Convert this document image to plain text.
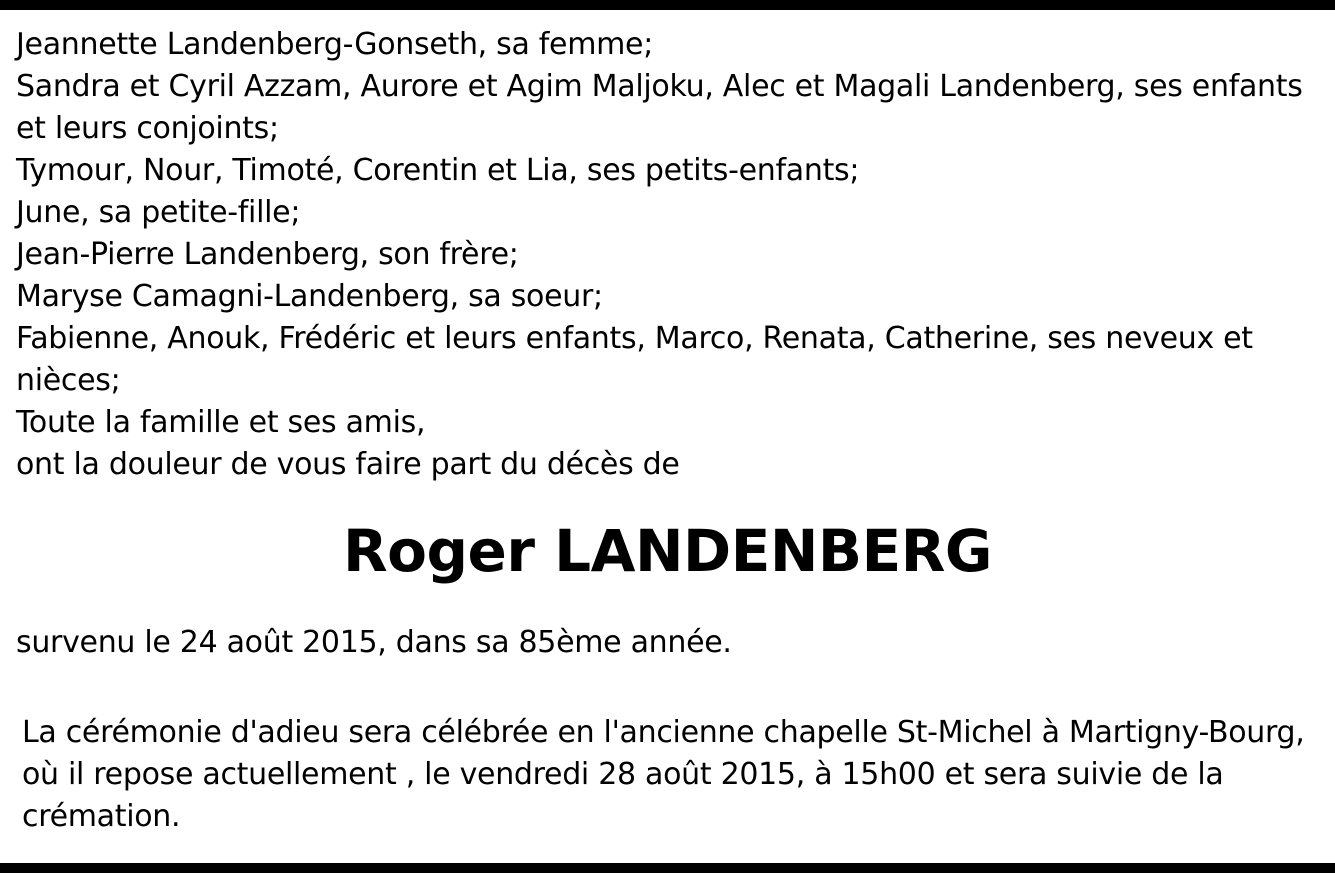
Jeannette Landenberg-Gonseth, sa femme;
Sandra et Cyril Azzam, Aurore et Agim Maljoku, Alec et Magali Landenberg, ses enfants et leurs conjoints;
Tymour, Nour, Timoté, Corentin et Lia, ses petits-enfants;
June, sa petite-fille;
Jean-Pierre Landenberg, son frère;
Maryse Camagni-Landenberg, sa soeur;
Fabienne, Anouk, Frédéric et leurs enfants, Marco, Renata, Catherine, ses neveux et nièces;
Toute la famille et ses amis,
ont la douleur de vous faire part du décès de
Roger LANDENBERG
survenu le 24 août 2015, dans sa 85ème année.
La cérémonie d'adieu sera célébrée en l'ancienne chapelle St-Michel à Martigny-Bourg, où il repose actuellement , le vendredi 28 août 2015, à 15h00 et sera suivie de la crémation.
